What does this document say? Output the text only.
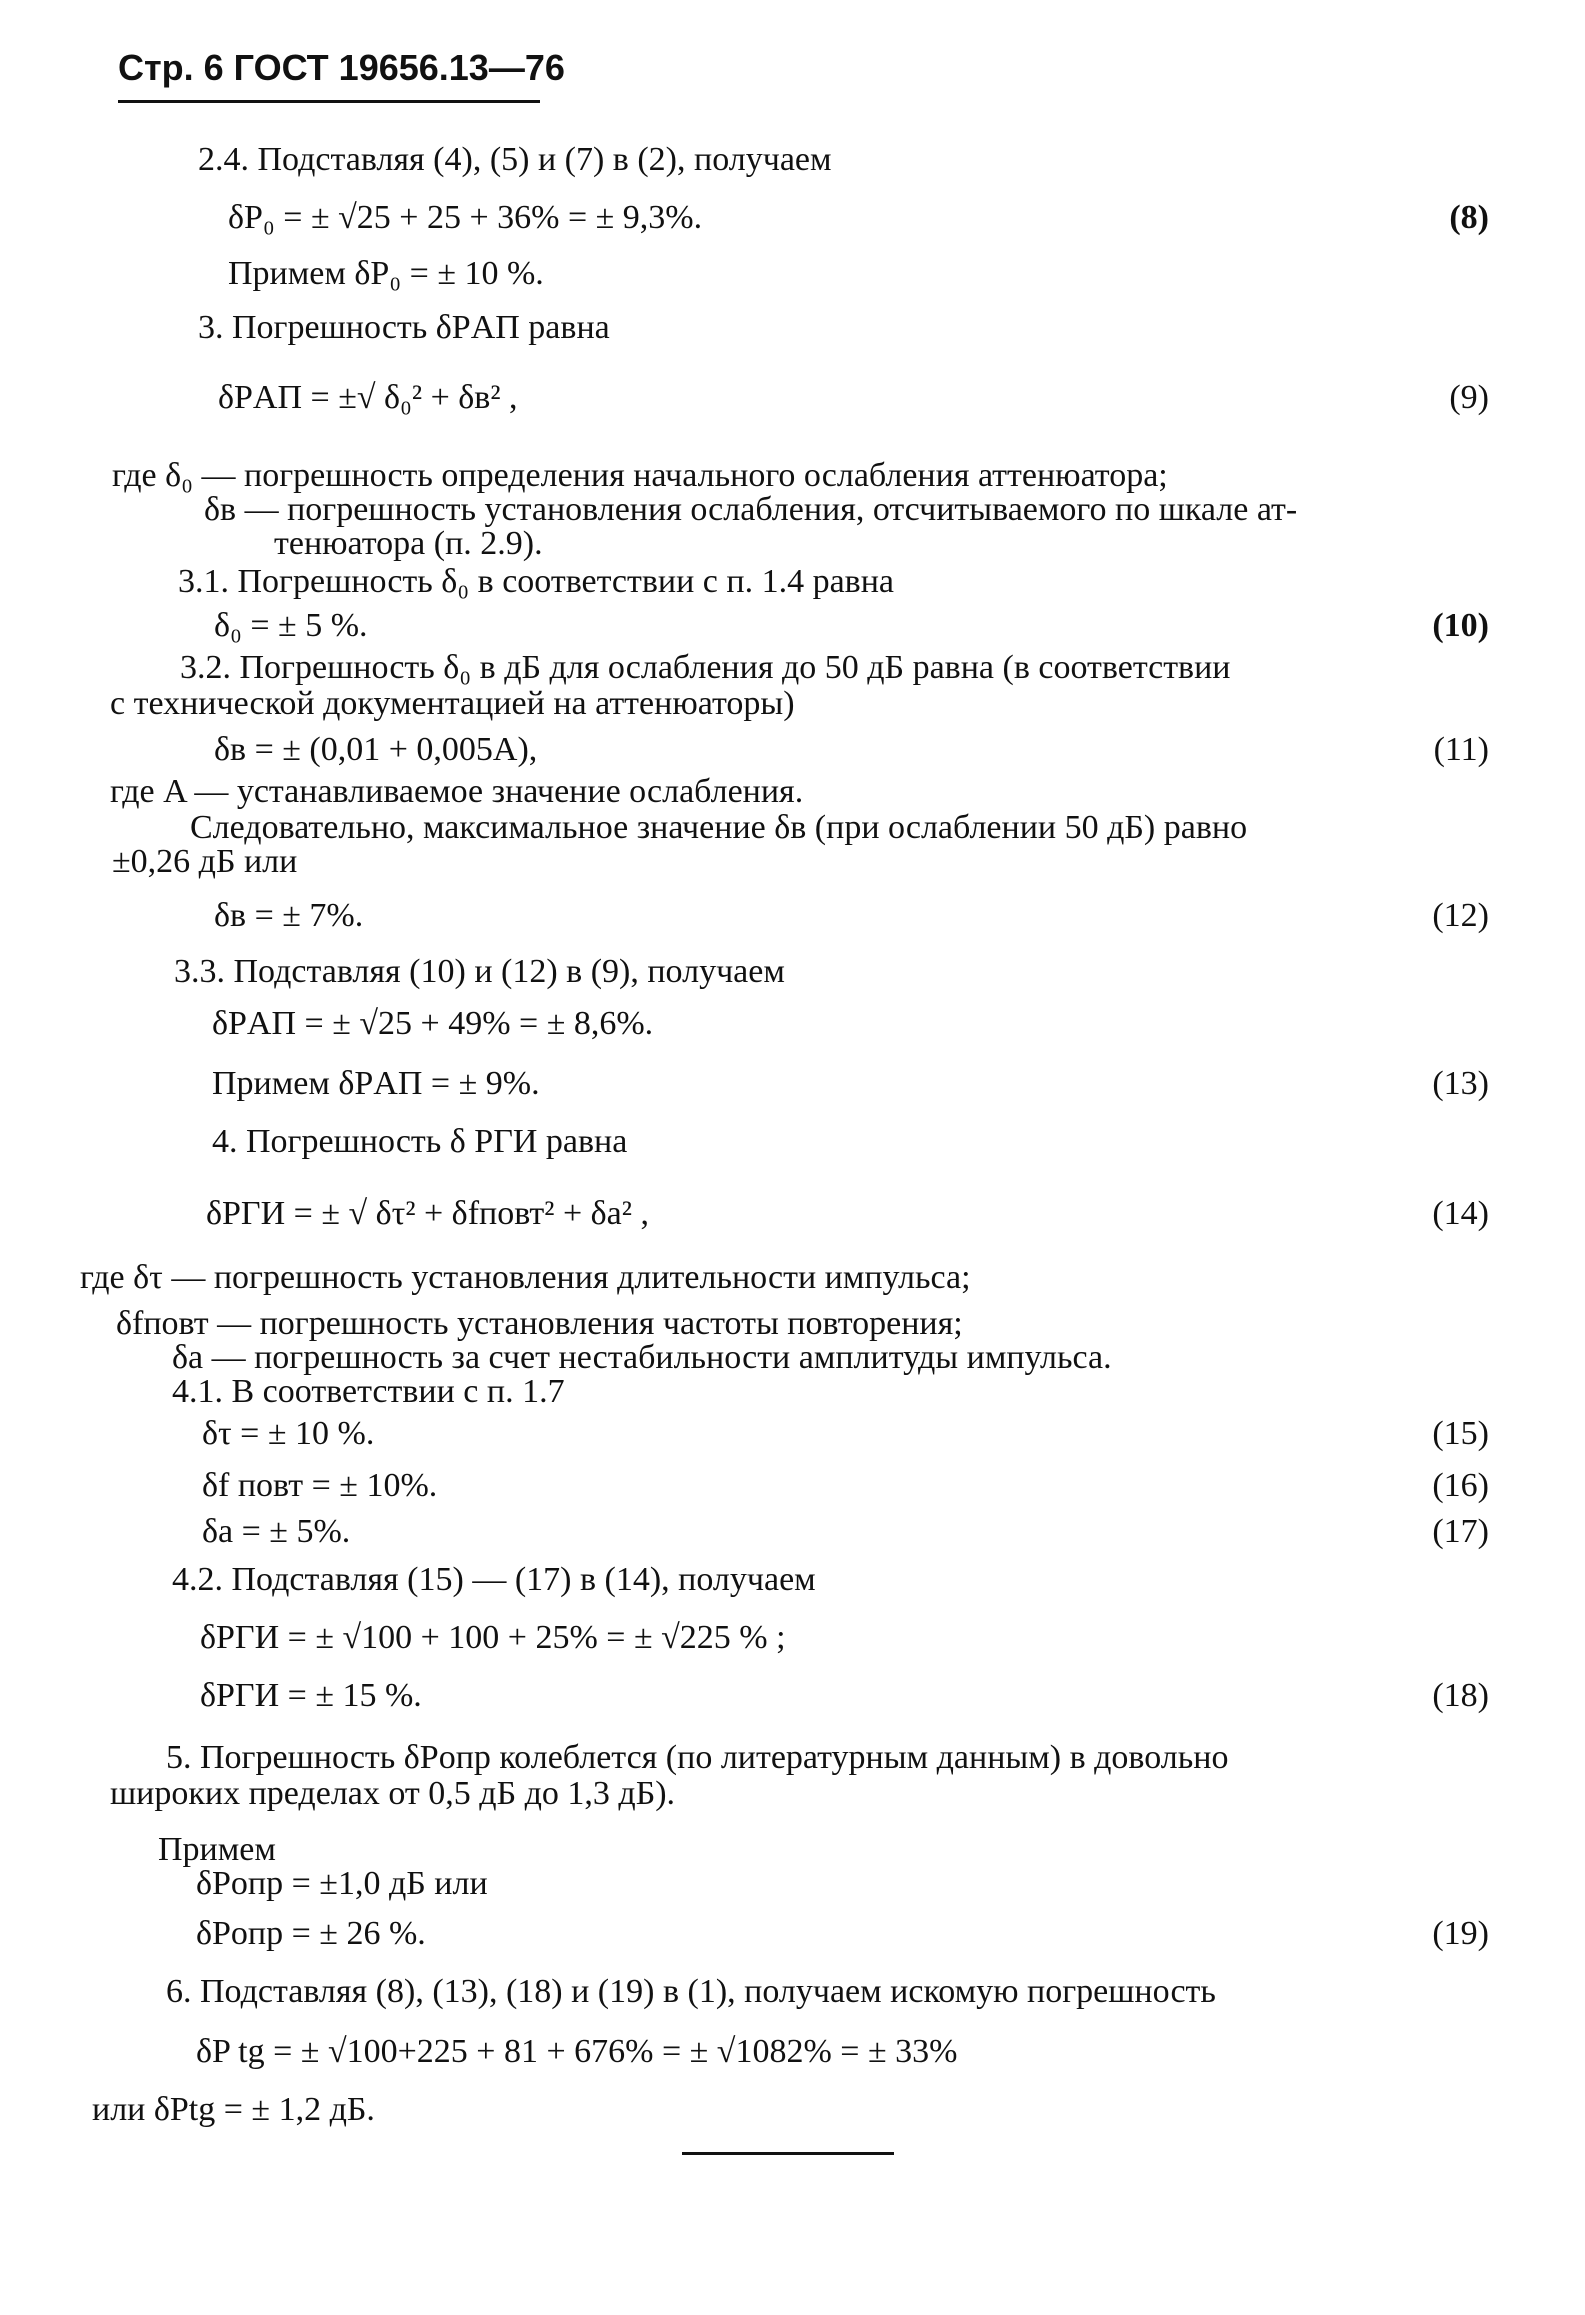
Стр. 6 ГОСТ 19656.13—76
2.4. Подставляя (4), (5) и (7) в (2), получаем
δP₀ = ± √25 + 25 + 36% = ± 9,3%.	(8)
Примем δP₀ = ± 10 %.
3. Погрешность δPАП равна
δPАП = ±√ δ₀² + δв² ,	(9)
где δ₀ — погрешность определения начального ослабления аттенюатора;
δв — погрешность установления ослабления, отсчитываемого по шкале ат-
тенюатора (п. 2.9).
3.1. Погрешность δ₀ в соответствии с п. 1.4 равна
δ₀ = ± 5 %.	(10)
3.2. Погрешность δ₀ в дБ для ослабления до 50 дБ равна (в соответствии
с технической документацией на аттенюаторы)
δв = ± (0,01 + 0,005A),	(11)
где A — устанавливаемое значение ослабления.
Следовательно, максимальное значение δв (при ослаблении 50 дБ) равно
±0,26 дБ или
δв = ± 7%.	(12)
3.3. Подставляя (10) и (12) в (9), получаем
δPАП = ± √25 + 49% = ± 8,6%.
Примем δPАП = ± 9%.	(13)
4. Погрешность δ PГИ равна
δPГИ = ± √ δτ² + δfповт² + δа² ,	(14)
где δτ — погрешность установления длительности импульса;
δfповт — погрешность установления частоты повторения;
δа — погрешность за счет нестабильности амплитуды импульса.
4.1. В соответствии с п. 1.7
δτ = ± 10 %.	(15)
δf повт = ± 10%.	(16)
δа = ± 5%.	(17)
4.2. Подставляя (15) — (17) в (14), получаем
δPГИ = ± √100 + 100 + 25% = ± √225 % ;
δPГИ = ± 15 %.	(18)
5. Погрешность δPопр колеблется (по литературным данным) в довольно
широких пределах от 0,5 дБ до 1,3 дБ).
Примем
δPопр = ±1,0 дБ или
δPопр = ± 26 %.	(19)
6. Подставляя (8), (13), (18) и (19) в (1), получаем искомую погрешность
δP tg = ± √100+225 + 81 + 676% = ± √1082% = ± 33%
или δPtg = ± 1,2 дБ.
